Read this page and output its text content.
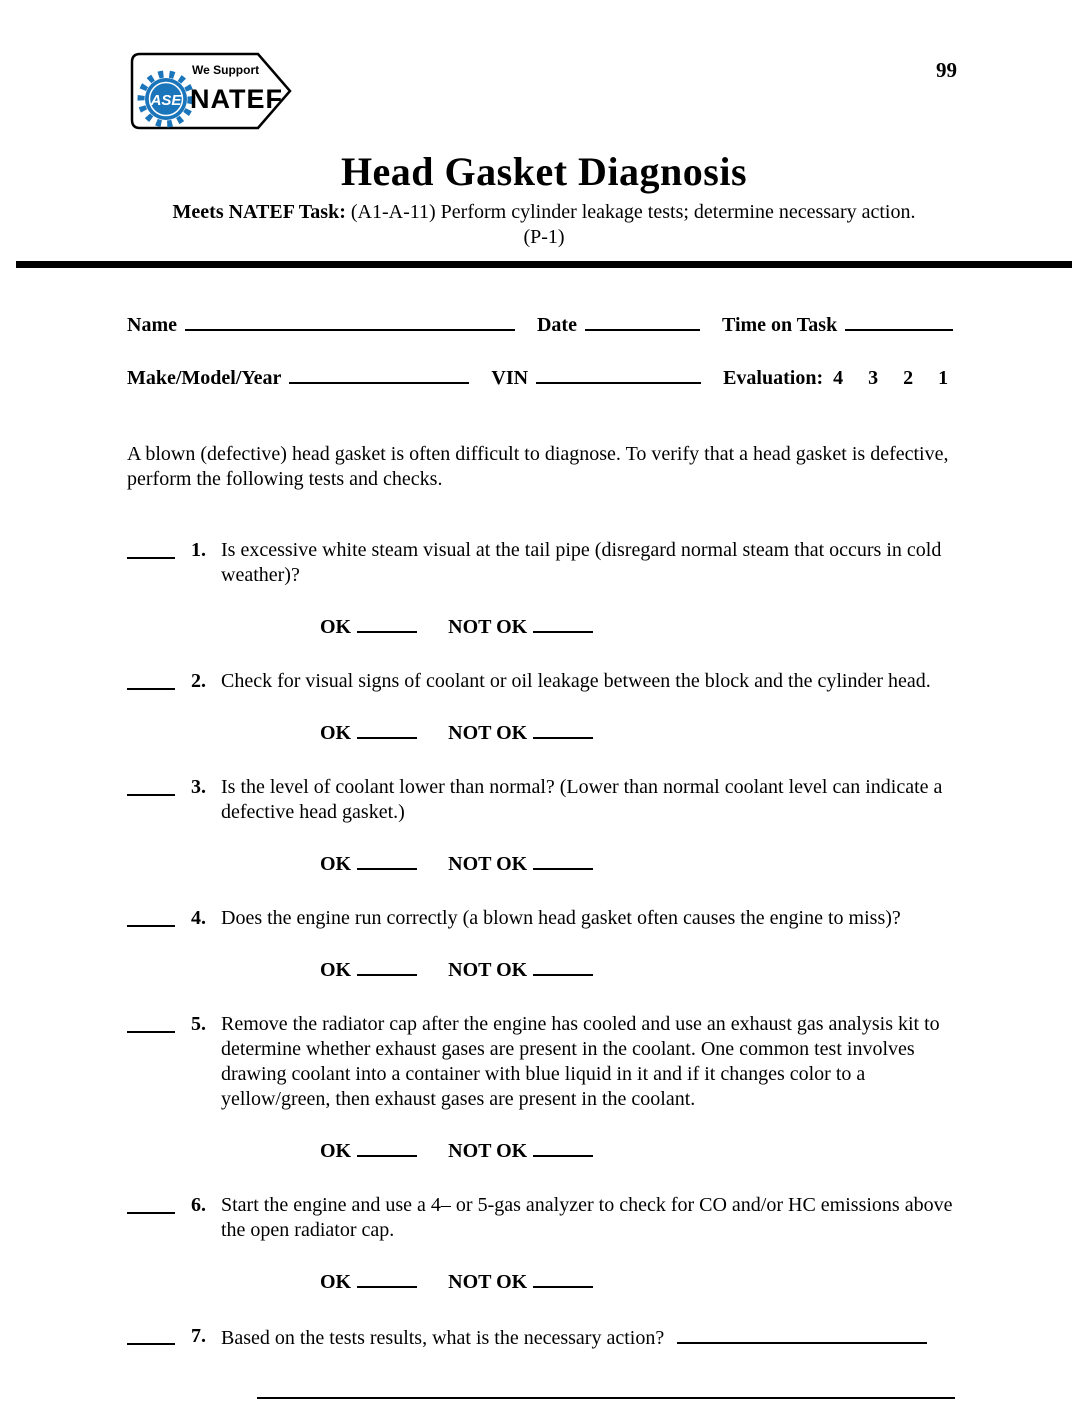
ASE
We Support
NATEF
99
Head Gasket Diagnosis
Meets NATEF Task: (A1-A-11) Perform cylinder leakage tests; determine necessary action.
(P-1)
Name	Date	Time on Task
Make/Model/Year	VIN	Evaluation: 4     3     2     1

A blown (defective) head gasket is often difficult to diagnose. To verify that a head gasket is defective, perform the following tests and checks.

1. Is excessive white steam visual at the tail pipe (disregard normal steam that occurs in cold weather)?
OK	NOT OK
2. Check for visual signs of coolant or oil leakage between the block and the cylinder head.
OK	NOT OK
3. Is the level of coolant lower than normal? (Lower than normal coolant level can indicate a defective head gasket.)
OK	NOT OK
4. Does the engine run correctly (a blown head gasket often causes the engine to miss)?
OK	NOT OK
5. Remove the radiator cap after the engine has cooled and use an exhaust gas analysis kit to determine whether exhaust gases are present in the coolant. One common test involves drawing coolant into a container with blue liquid in it and if it changes color to a yellow/green, then exhaust gases are present in the coolant.
OK	NOT OK
6. Start the engine and use a 4– or 5-gas analyzer to check for CO and/or HC emissions above the open radiator cap.
OK	NOT OK
7. Based on the tests results, what is the necessary action?
